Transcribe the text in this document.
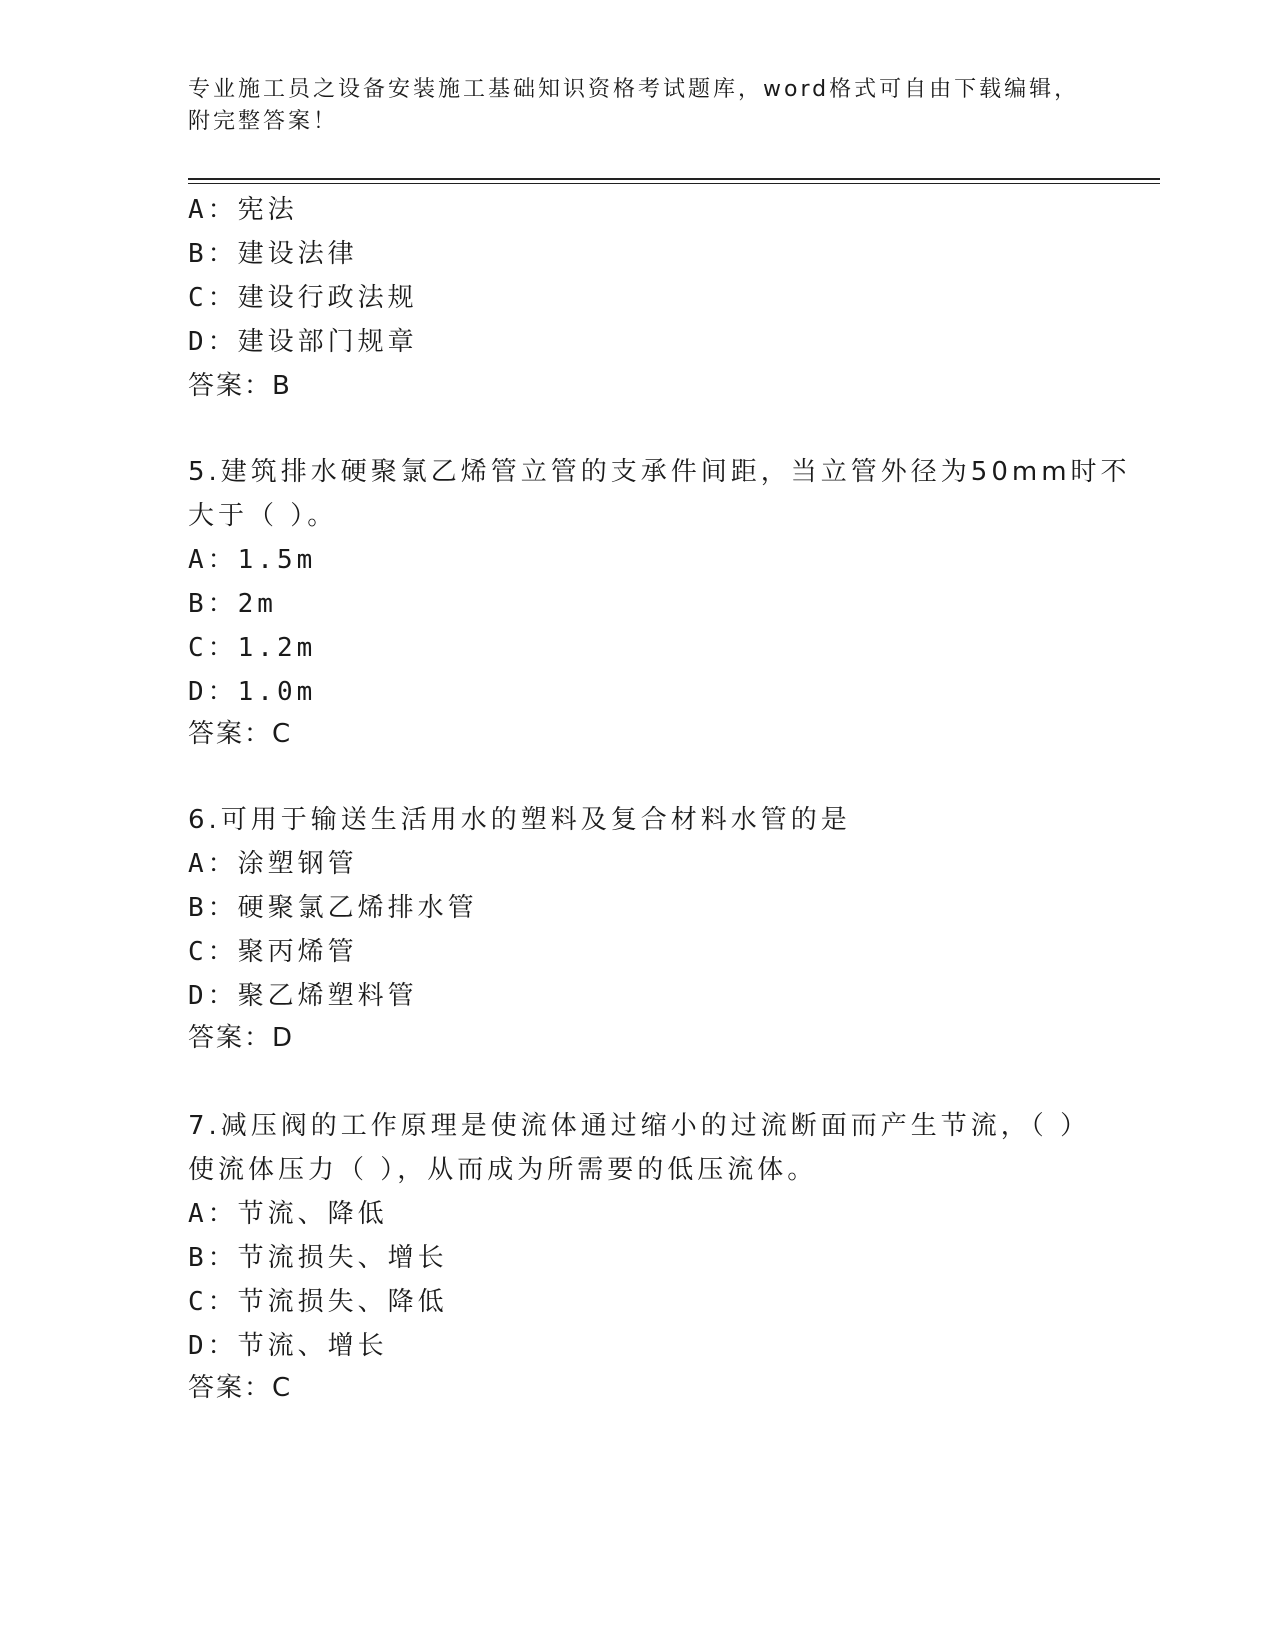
专业施工员之设备安装施工基础知识资格考试题库，word格式可自由下载编辑，
附完整答案！
A：宪法
B：建设法律
C：建设行政法规
D：建设部门规章
答案：B
5.建筑排水硬聚氯乙烯管立管的支承件间距，当立管外径为50mm时不
大于（ ）。
A：1.5m
B：2m
C：1.2m
D：1.0m
答案：C
6.可用于输送生活用水的塑料及复合材料水管的是
A：涂塑钢管
B：硬聚氯乙烯排水管
C：聚丙烯管
D：聚乙烯塑料管
答案：D
7.减压阀的工作原理是使流体通过缩小的过流断面而产生节流，（ ）
使流体压力（ ），从而成为所需要的低压流体。
A：节流、降低
B：节流损失、增长
C：节流损失、降低
D：节流、增长
答案：C
